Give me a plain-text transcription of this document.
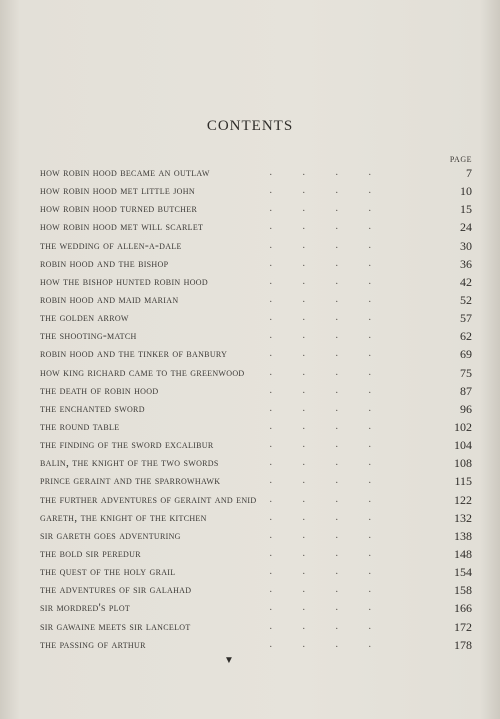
CONTENTS
PAGE
how robin hood became an outlaw	. . . .	7
how robin hood met little john	. . . .	10
how robin hood turned butcher	. . . .	15
how robin hood met will scarlet	. . . .	24
the wedding of allen-a-dale	. . . .	30
robin hood and the bishop	. . . .	36
how the bishop hunted robin hood	. . . .	42
robin hood and maid marian	. . . .	52
the golden arrow	. . . .	57
the shooting-match	. . . .	62
robin hood and the tinker of banbury	. . . .	69
how king richard came to the greenwood	. . . .	75
the death of robin hood	. . . .	87
the enchanted sword	. . . .	96
the round table	. . . .	102
the finding of the sword excalibur	. . . .	104
balin, the knight of the two swords	. . . .	108
prince geraint and the sparrowhawk	. . . .	115
the further adventures of geraint and enid	. . . .	122
gareth, the knight of the kitchen	. . . .	132
sir gareth goes adventuring	. . . .	138
the bold sir peredur	. . . .	148
the quest of the holy grail	. . . .	154
the adventures of sir galahad	. . . .	158
sir mordred's plot	. . . .	166
sir gawaine meets sir lancelot	. . . .	172
the passing of arthur	. . . .	178
▼
